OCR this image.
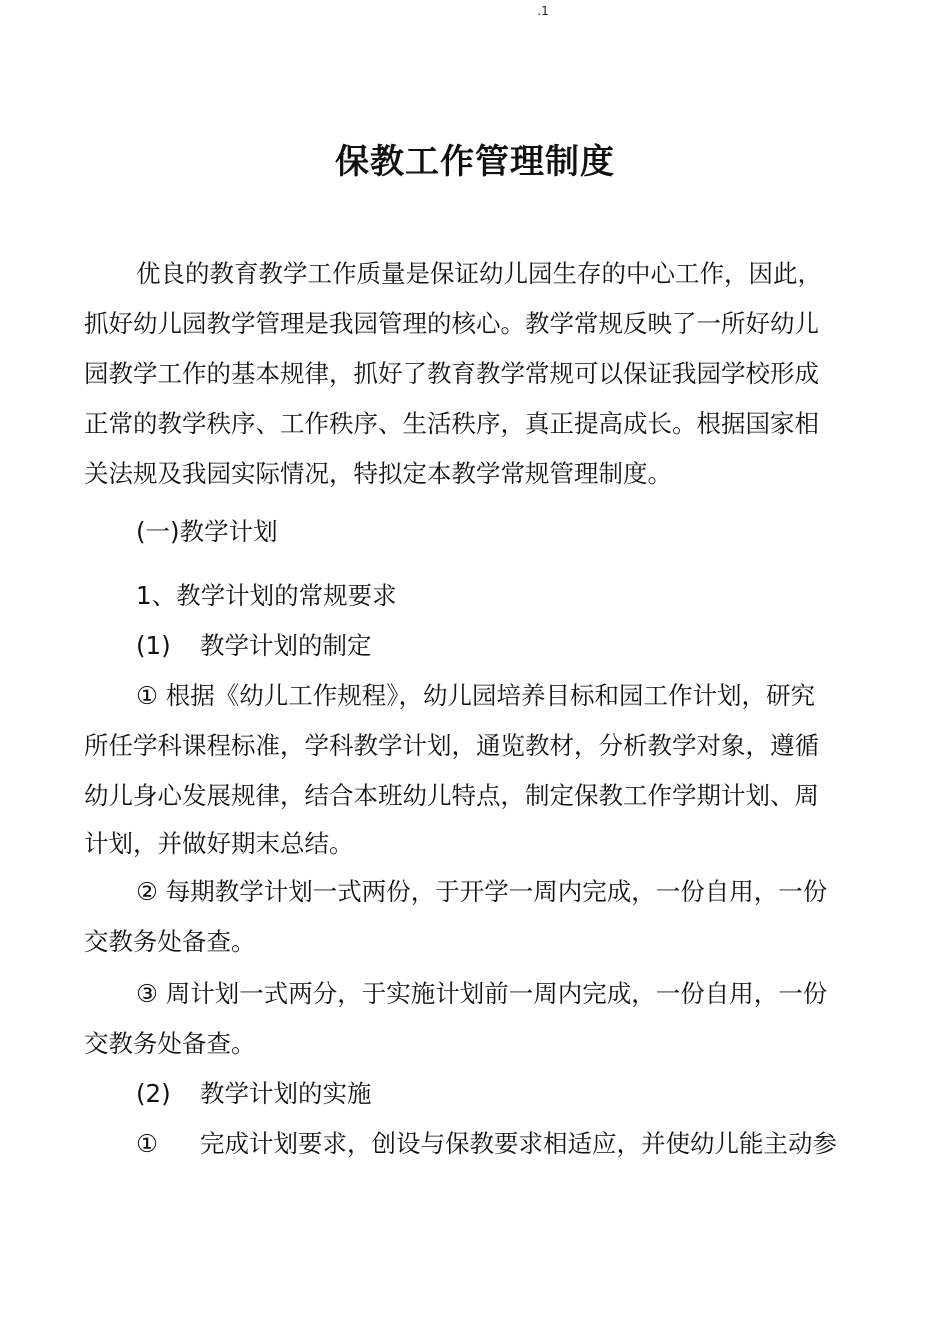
.1
保教工作管理制度
优良的教育教学工作质量是保证幼儿园生存的中心工作，因此，
抓好幼儿园教学管理是我园管理的核心。教学常规反映了一所好幼儿
园教学工作的基本规律，抓好了教育教学常规可以保证我园学校形成
正常的教学秩序、工作秩序、生活秩序，真正提高成长。根据国家相
关法规及我园实际情况，特拟定本教学常规管理制度。
(一)教学计划
1、教学计划的常规要求
(1) 教学计划的制定
① 根据《幼儿工作规程》，幼儿园培养目标和园工作计划，研究
所任学科课程标准，学科教学计划，通览教材，分析教学对象，遵循
幼儿身心发展规律，结合本班幼儿特点，制定保教工作学期计划、周
计划，并做好期末总结。
② 每期教学计划一式两份，于开学一周内完成，一份自用，一份
交教务处备查。
③ 周计划一式两分，于实施计划前一周内完成，一份自用，一份
交教务处备查。
(2) 教学计划的实施
① 完成计划要求，创设与保教要求相适应，并使幼儿能主动参
